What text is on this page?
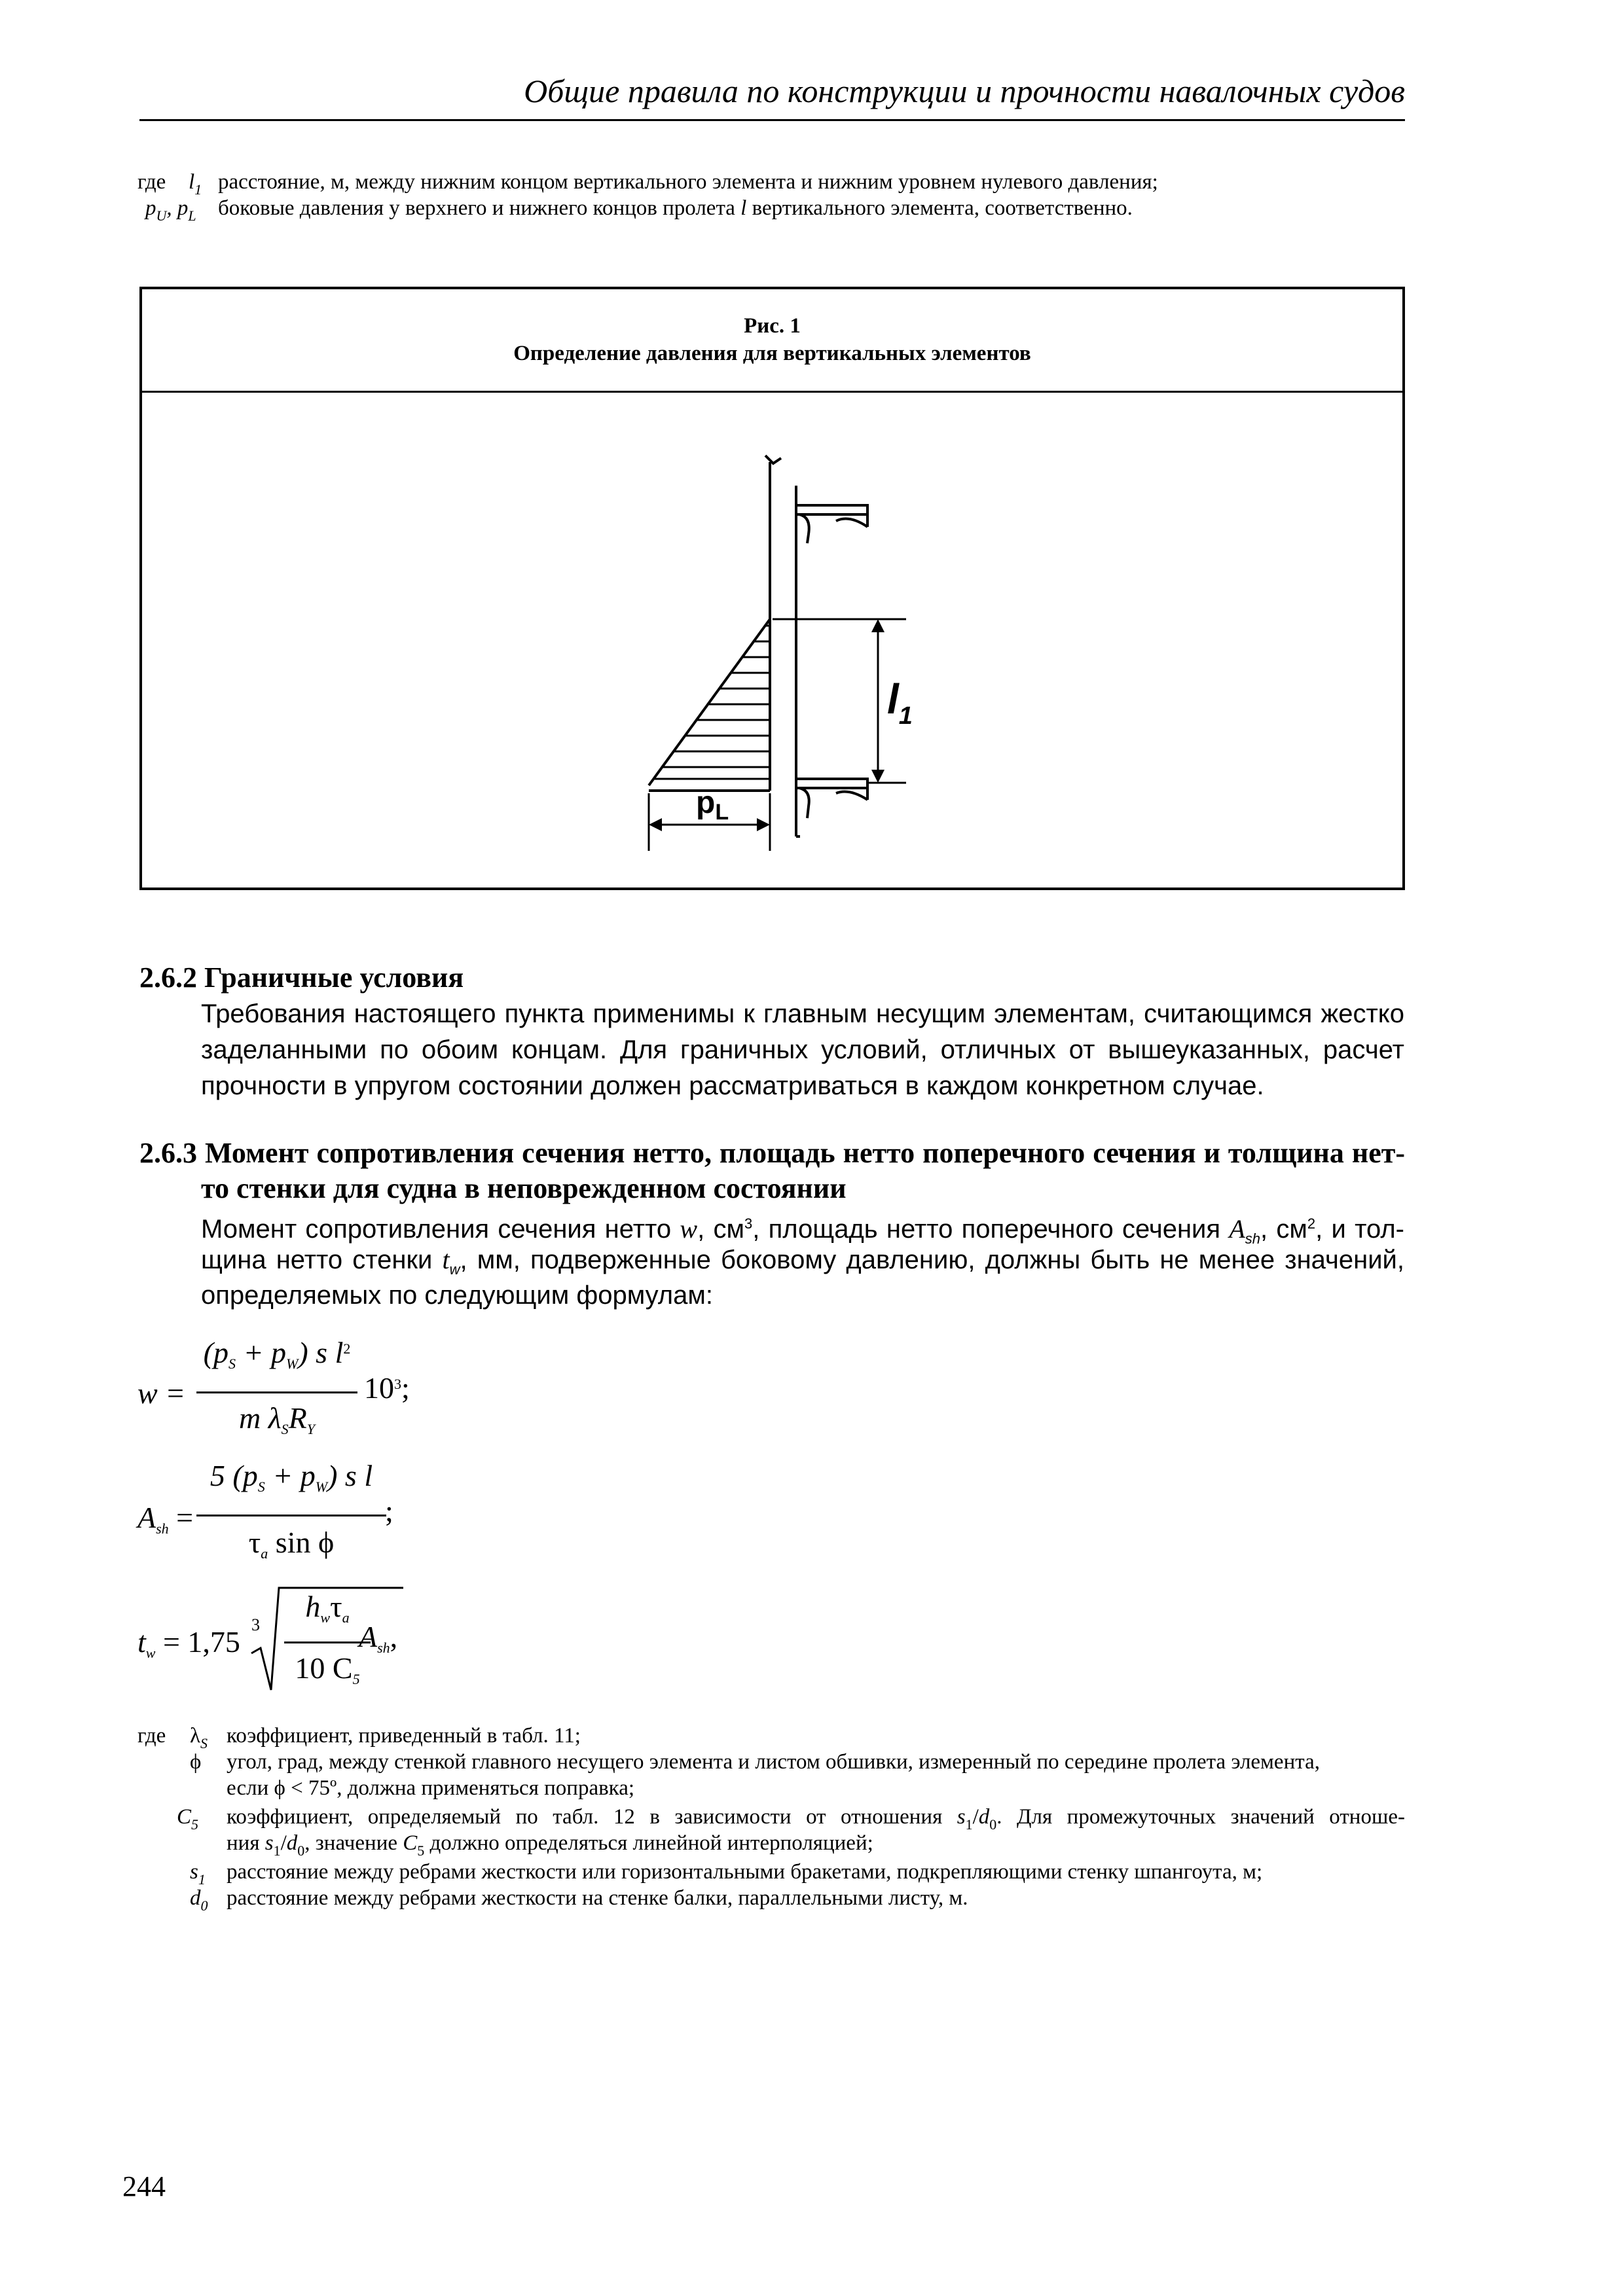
Общие правила по конструкции и прочности навалочных судов
где $l_1$ расстояние, м, между нижним концом вертикального элемента и нижним уровнем нулевого давления;
$p_U$, $p_L$ боковые давления у верхнего и нижнего концов пролета l вертикального элемента, соответственно.
Рис. 1
Определение давления для вертикальных элементов
$l_1$
$p_L$
2.6.2 Граничные условия
Требования настоящего пункта применимы к главным несущим элементам, считающимся жестко
заделанными по обоим концам. Для граничных условий, отличных от вышеуказанных, расчет
прочности в упругом состоянии должен рассматриваться в каждом конкретном случае.
2.6.3 Момент сопротивления сечения нетто, площадь нетто поперечного сечения и толщина нет-
то стенки для судна в неповрежденном состоянии
Момент сопротивления сечения нетто w, $см^3$, площадь нетто поперечного сечения $A_{sh}$, $см^2$, и тол-
щина нетто стенки $t_w$, мм, подверженные боковому давлению, должны быть не менее значений,
определяемых по следующим формулам:
w =
$(p_S + p_W)$ s $l^2$
m $\lambda_SR_Y$
$10^3$;
$A_{sh}$ =
5 $(p_S + p_W)$ s l
$\tau_a$ sin ϕ
;
$t_w = 1,75$
3
$h_w\tau_a$
10 $C_5$
$A_{sh}$,
где $\lambda_S$ коэффициент, приведенный в табл. 11;
ϕ угол, град, между стенкой главного несущего элемента и листом обшивки, измеренный по середине пролета элемента,
если ϕ < 75º, должна применяться поправка;
$C_5$ коэффициент, определяемый по табл. 12 в зависимости от отношения $s_1/d_0$. Для промежуточных значений отноше-
ния $s_1/d_0$, значение $C_5$ должно определяться линейной интерполяцией;
$s_1$ расстояние между ребрами жесткости или горизонтальными бракетами, подкрепляющими стенку шпангоута, м;
$d_0$ расстояние между ребрами жесткости на стенке балки, параллельными листу, м.
244
